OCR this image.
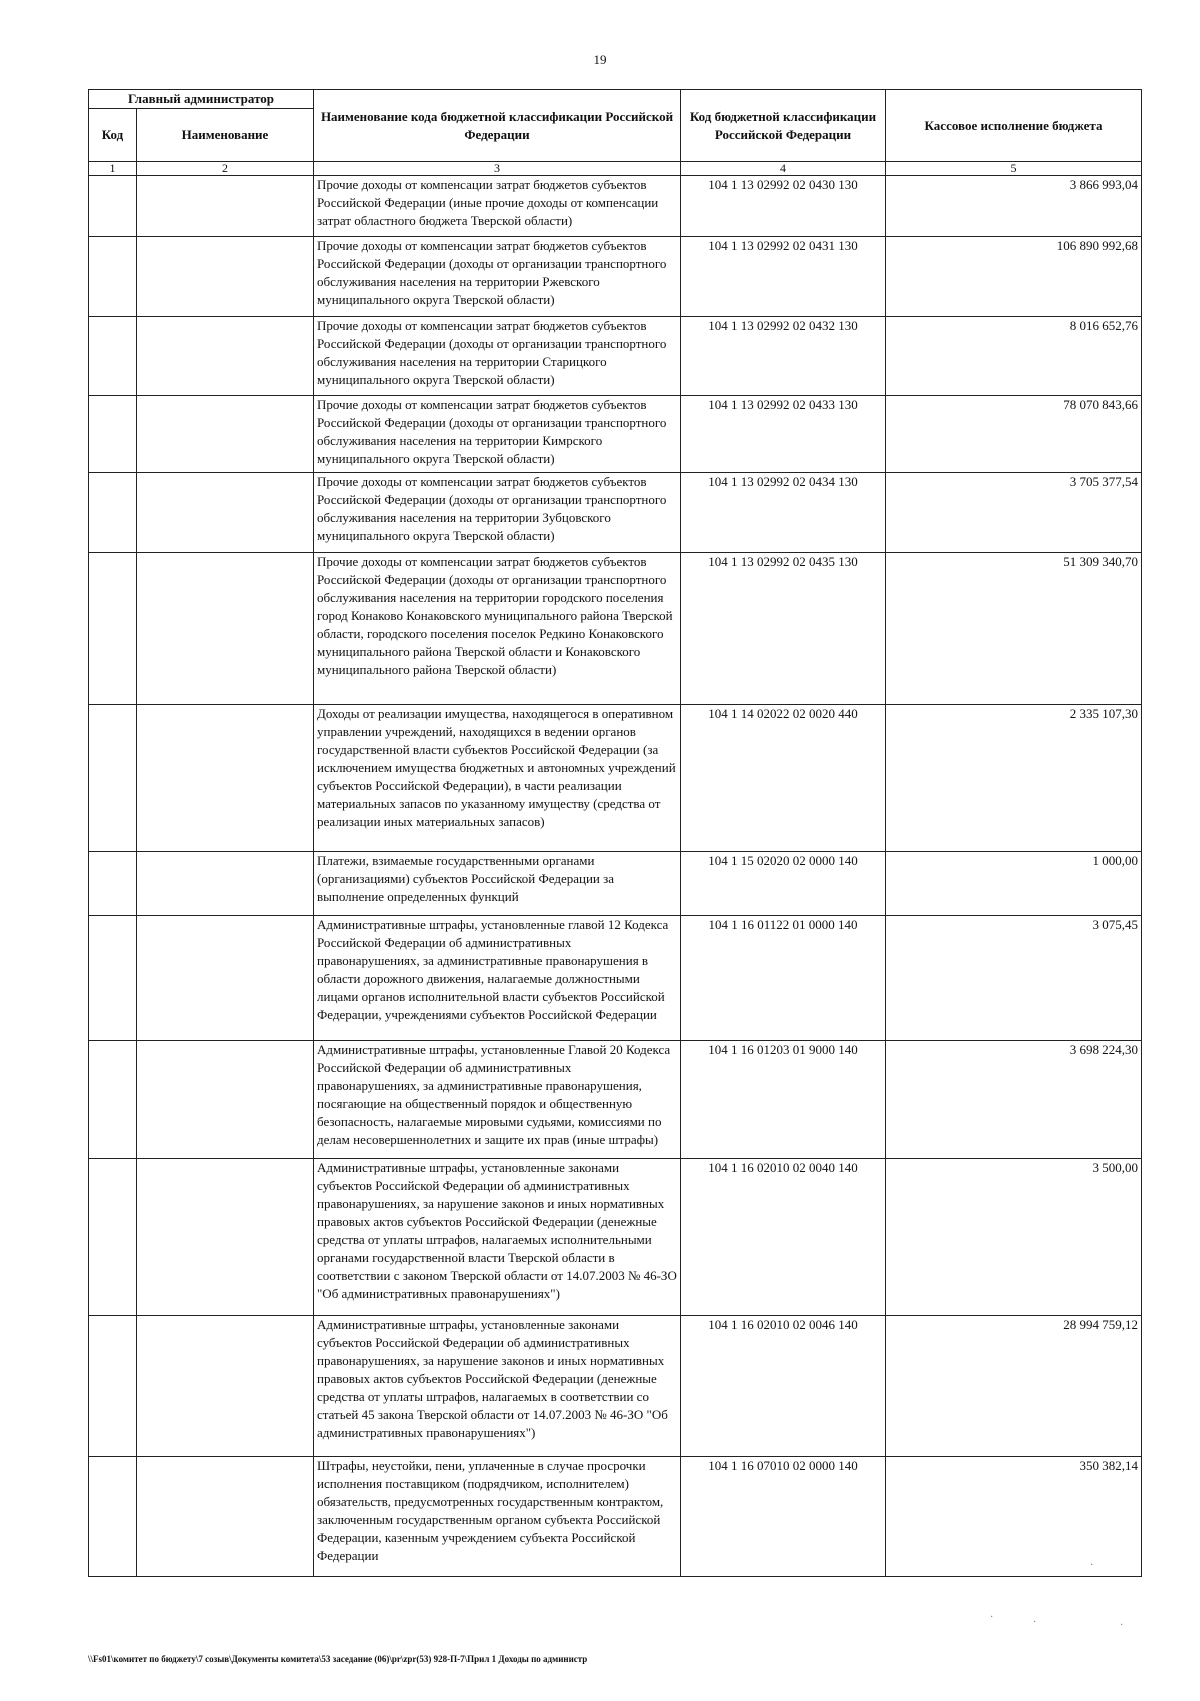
19
Главный администратор		Наименование кода бюджетной классификации Российской Федерации	Код бюджетной классификации Российской Федерации	Кассовое исполнение бюджета
Код	Наименование			
1	2	3	4	5
		Прочие доходы от компенсации затрат бюджетов субъектов Российской Федерации (иные прочие доходы от компенсации затрат областного бюджета Тверской области)	104 1 13 02992 02 0430 130	3 866 993,04
		Прочие доходы от компенсации затрат бюджетов субъектов Российской Федерации (доходы от организации транспортного обслуживания населения на территории Ржевского муниципального округа Тверской области)	104 1 13 02992 02 0431 130	106 890 992,68
		Прочие доходы от компенсации затрат бюджетов субъектов Российской Федерации (доходы от организации транспортного обслуживания населения на территории Старицкого муниципального округа Тверской области)	104 1 13 02992 02 0432 130	8 016 652,76
		Прочие доходы от компенсации затрат бюджетов субъектов Российской Федерации (доходы от организации транспортного обслуживания населения на территории Кимрского муниципального округа Тверской области)	104 1 13 02992 02 0433 130	78 070 843,66
		Прочие доходы от компенсации затрат бюджетов субъектов Российской Федерации (доходы от организации транспортного обслуживания населения на территории Зубцовского муниципального округа Тверской области)	104 1 13 02992 02 0434 130	3 705 377,54
		Прочие доходы от компенсации затрат бюджетов субъектов Российской Федерации (доходы от организации транспортного обслуживания населения на территории городского поселения город Конаково Конаковского муниципального района Тверской области, городского поселения поселок Редкино Конаковского муниципального района Тверской области и Конаковского муниципального района Тверской области)	104 1 13 02992 02 0435 130	51 309 340,70
		Доходы от реализации имущества, находящегося в оперативном управлении учреждений, находящихся в ведении органов государственной власти субъектов Российской Федерации (за исключением имущества бюджетных и автономных учреждений субъектов Российской Федерации), в части реализации материальных запасов по указанному имуществу (средства от реализации иных материальных запасов)	104 1 14 02022 02 0020 440	2 335 107,30
		Платежи, взимаемые государственными органами (организациями) субъектов Российской Федерации за выполнение определенных функций	104 1 15 02020 02 0000 140	1 000,00
		Административные штрафы, установленные главой 12 Кодекса Российской Федерации об административных правонарушениях, за административные правонарушения в области дорожного движения, налагаемые должностными лицами органов исполнительной власти субъектов Российской Федерации, учреждениями субъектов Российской Федерации	104 1 16 01122 01 0000 140	3 075,45
		Административные штрафы, установленные Главой 20 Кодекса Российской Федерации об административных правонарушениях, за административные правонарушения, посягающие на общественный порядок и общественную безопасность, налагаемые мировыми судьями, комиссиями по делам несовершеннолетних и защите их прав (иные штрафы)	104 1 16 01203 01 9000 140	3 698 224,30
		Административные штрафы, установленные законами субъектов Российской Федерации об административных правонарушениях, за нарушение законов и иных нормативных правовых актов субъектов Российской Федерации (денежные средства от уплаты штрафов, налагаемых исполнительными органами государственной власти Тверской области в соответствии с законом Тверской области от 14.07.2003 № 46-ЗО "Об административных правонарушениях")	104 1 16 02010 02 0040 140	3 500,00
		Административные штрафы, установленные законами субъектов Российской Федерации об административных правонарушениях, за нарушение законов и иных нормативных правовых актов субъектов Российской Федерации (денежные средства от уплаты штрафов, налагаемых в соответствии со статьей 45 закона Тверской области от 14.07.2003 № 46-ЗО "Об административных правонарушениях")	104 1 16 02010 02 0046 140	28 994 759,12
		Штрафы, неустойки, пени, уплаченные в случае просрочки исполнения поставщиком (подрядчиком, исполнителем) обязательств, предусмотренных государственным контрактом, заключенным государственным органом субъекта Российской Федерации, казенным учреждением субъекта Российской Федерации	104 1 16 07010 02 0000 140	350 382,14
·
·
·
·
\\Fs01\комитет по бюджету\7 созыв\Документы комитета\53 заседание (06)\pr\zpr(53) 928-П-7\Прил 1 Доходы по администр
